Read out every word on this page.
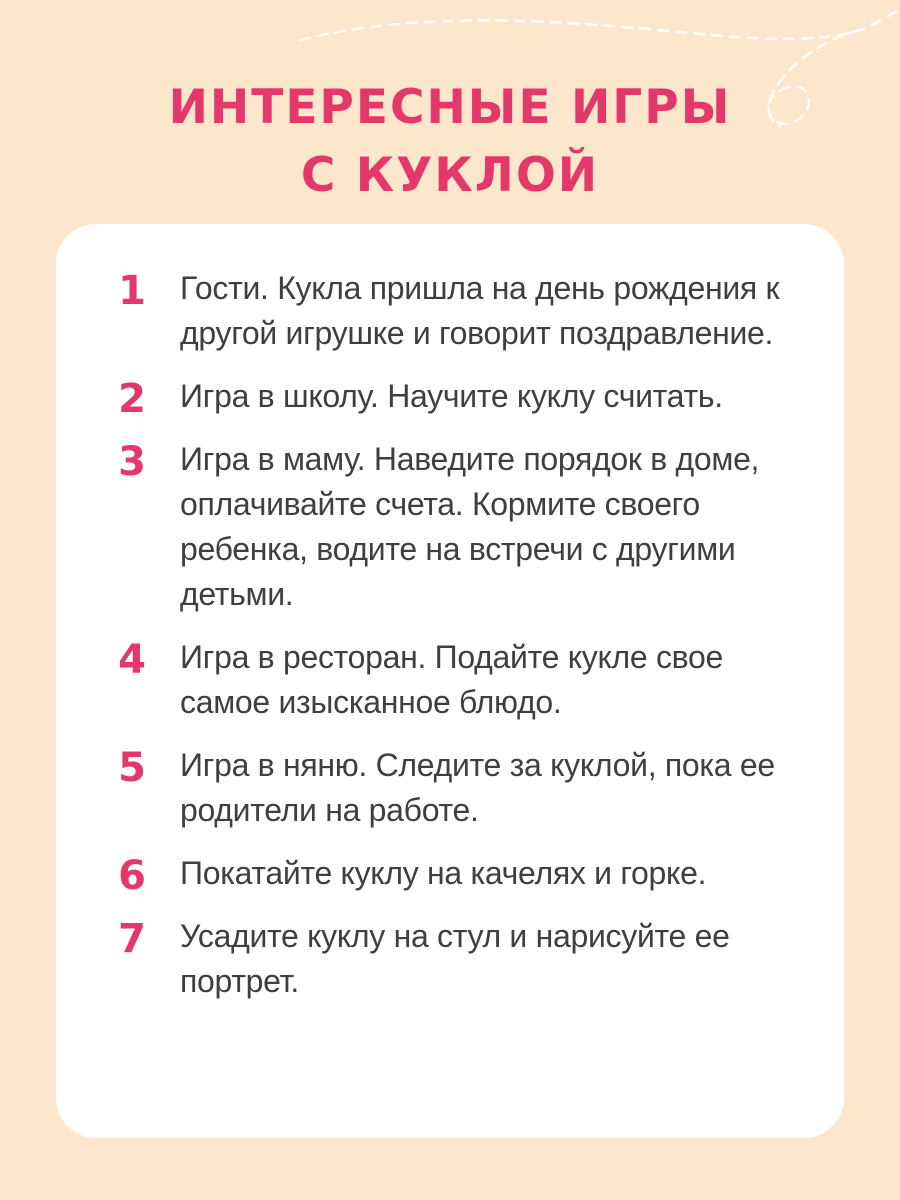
ИНТЕРЕСНЫЕ ИГРЫ
С КУКЛОЙ
1 Гости. Кукла пришла на день рождения к другой игрушке и говорит поздравление.
2 Игра в школу. Научите куклу считать.
3 Игра в маму. Наведите порядок в доме, оплачивайте счета. Кормите своего ребенка, водите на встречи с другими детьми.
4 Игра в ресторан. Подайте кукле свое самое изысканное блюдо.
5 Игра в няню. Следите за куклой, пока ее родители на работе.
6 Покатайте куклу на качелях и горке.
7 Усадите куклу на стул и нарисуйте ее портрет.
